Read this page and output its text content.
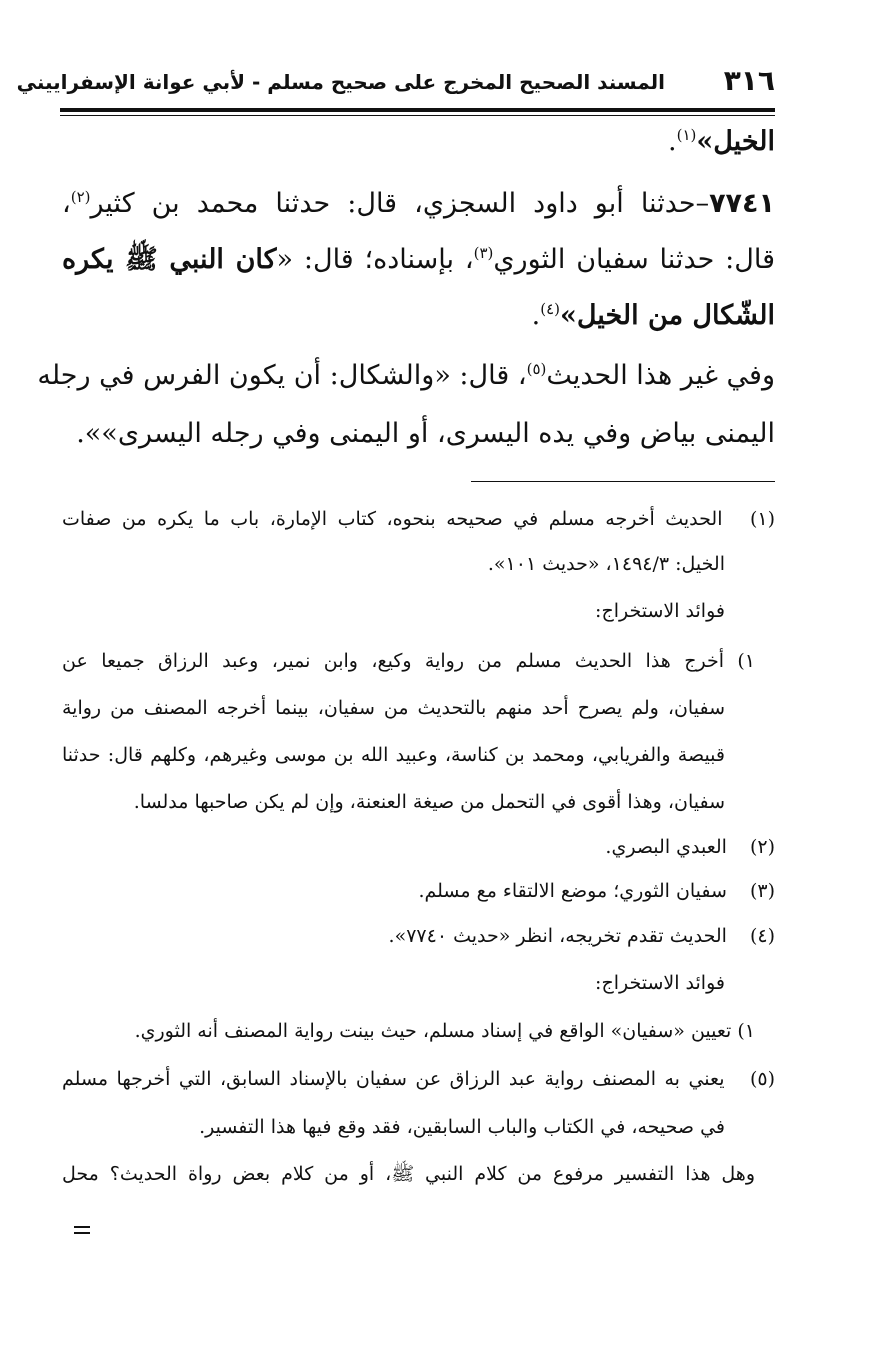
٣١٦
المسند الصحيح المخرج على صحيح مسلم - لأبي عوانة الإسفراييني
الخيل»$^{(١)}$.
٧٧٤١–حدثنا أبو داود السجزي، قال: حدثنا محمد بن كثير$^{(٢)}$،
قال: حدثنا سفيان الثوري$^{(٣)}$، بإسناده؛ قال: «كان النبي ﷺ يكره
الشّكال من الخيل»$^{(٤)}$.
وفي غير هذا الحديث$^{(٥)}$، قال: «والشكال: أن يكون الفرس في رجله
اليمنى بياض وفي يده اليسرى، أو اليمنى وفي رجله اليسرى»».
(١) الحديث أخرجه مسلم في صحيحه بنحوه، كتاب الإمارة، باب ما يكره من صفات
الخيل: ١٤٩٤/٣، «حديث ١٠١».
فوائد الاستخراج:
١) أخرج هذا الحديث مسلم من رواية وكيع، وابن نمير، وعبد الرزاق جميعا عن
سفيان، ولم يصرح أحد منهم بالتحديث من سفيان، بينما أخرجه المصنف من رواية
قبيصة والفريابي، ومحمد بن كناسة، وعبيد الله بن موسى وغيرهم، وكلهم قال: حدثنا
سفيان، وهذا أقوى في التحمل من صيغة العنعنة، وإن لم يكن صاحبها مدلسا.
(٢) العبدي البصري.
(٣) سفيان الثوري؛ موضع الالتقاء مع مسلم.
(٤) الحديث تقدم تخريجه، انظر «حديث ٧٧٤٠».
فوائد الاستخراج:
١) تعيين «سفيان» الواقع في إسناد مسلم، حيث بينت رواية المصنف أنه الثوري.
(٥) يعني به المصنف رواية عبد الرزاق عن سفيان بالإسناد السابق، التي أخرجها مسلم
في صحيحه، في الكتاب والباب السابقين، فقد وقع فيها هذا التفسير.
وهل هذا التفسير مرفوع من كلام النبي ﷺ، أو من كلام بعض رواة الحديث؟ محل
